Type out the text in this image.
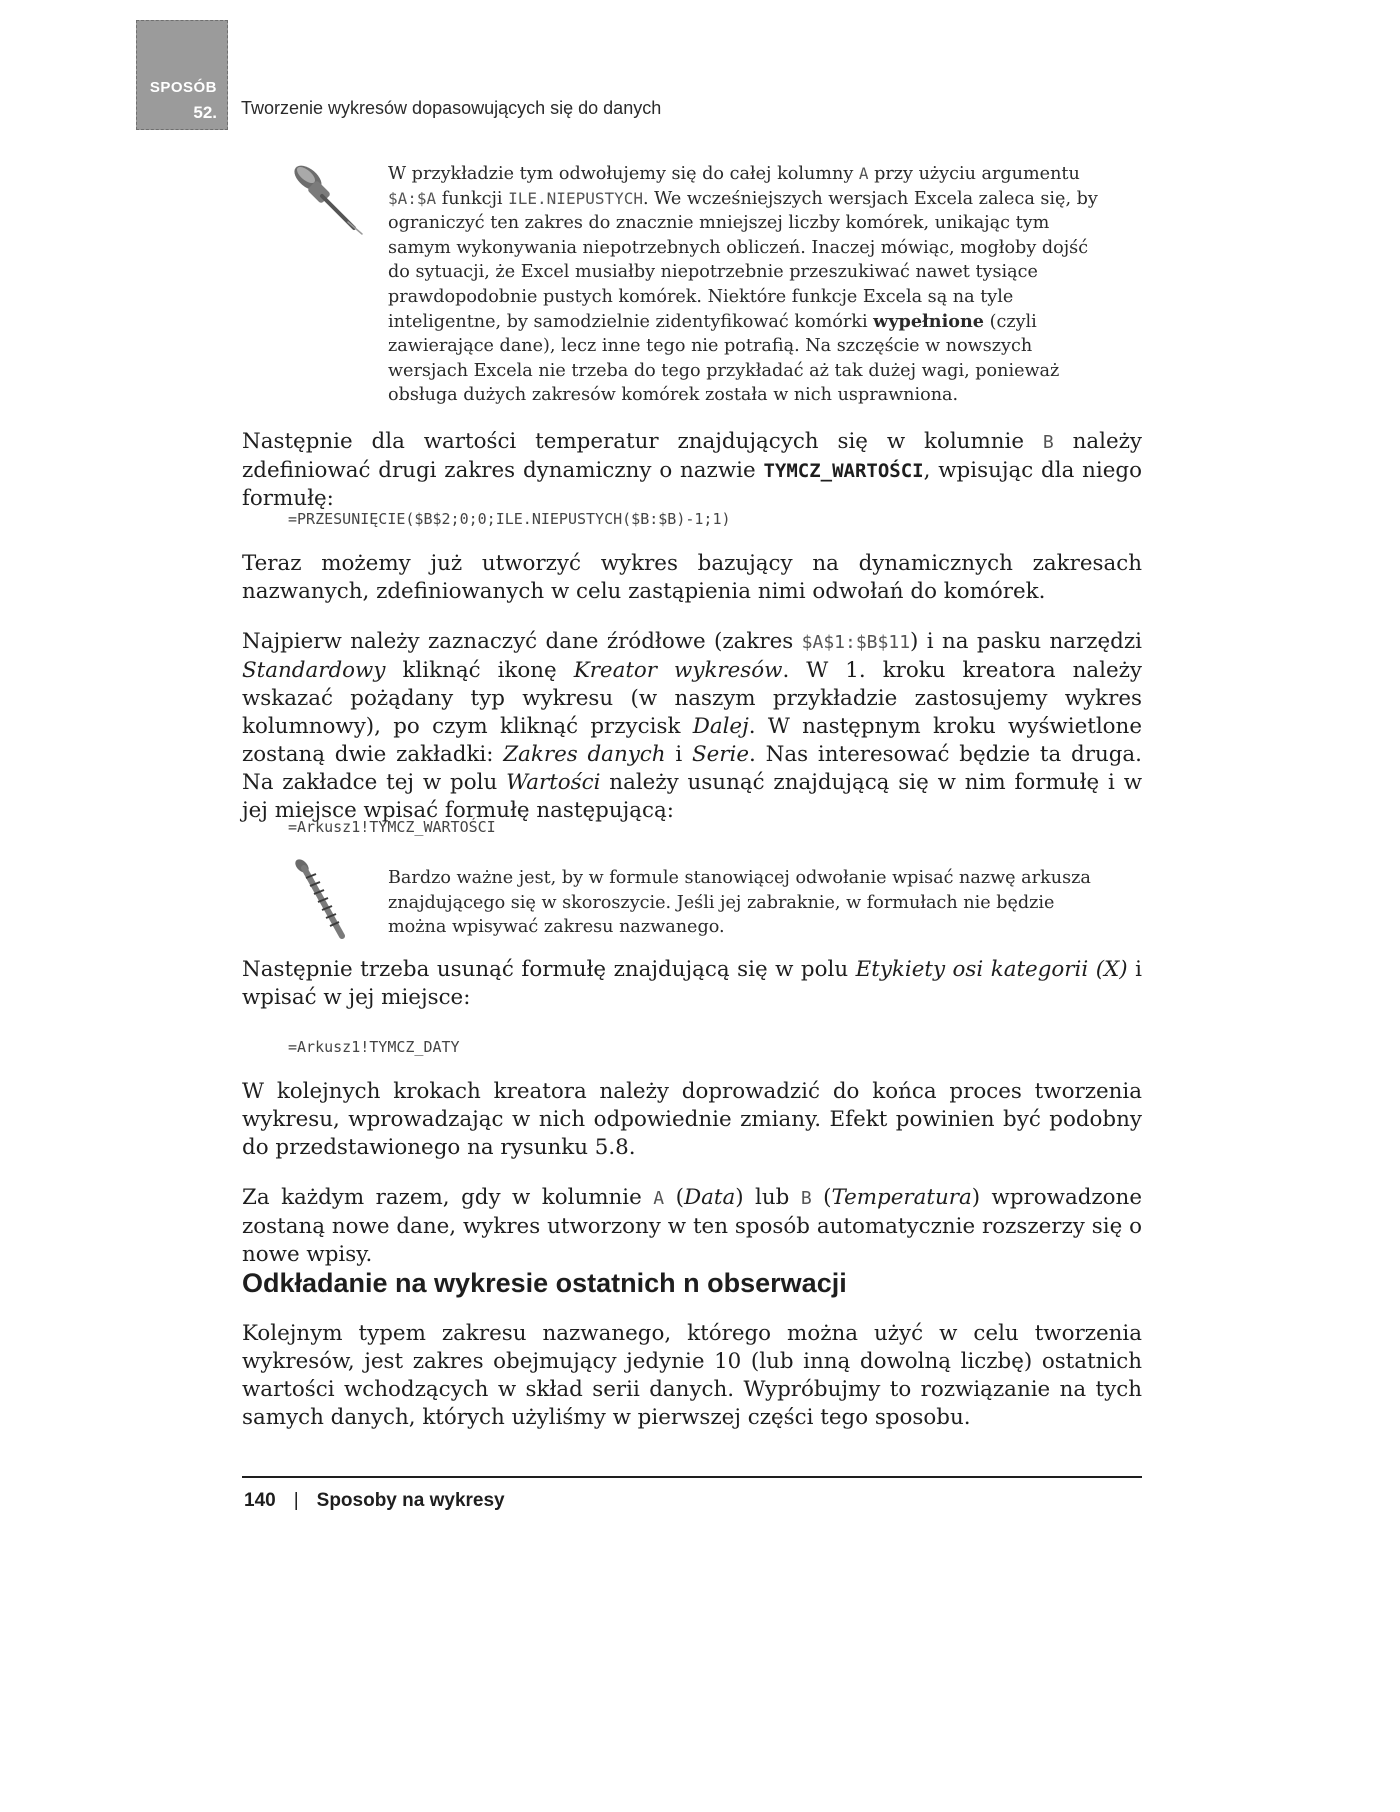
SPOSÓB
52. Tworzenie wykresów dopasowujących się do danych
W przykładzie tym odwołujemy się do całej kolumny A przy użyciu argumentu $A:$A funkcji ILE.NIEPUSTYCH. We wcześniejszych wersjach Excela zaleca się, by ograniczyć ten zakres do znacznie mniejszej liczby komórek, unikając tym samym wykonywania niepotrzebnych obliczeń. Inaczej mówiąc, mogłoby dojść do sytuacji, że Excel musiałby niepotrzebnie przeszukiwać nawet tysiące prawdopodobnie pustych komórek. Niektóre funkcje Excela są na tyle inteligentne, by samodzielnie zidentyfikować komórki wypełnione (czyli zawierające dane), lecz inne tego nie potrafią. Na szczęście w nowszych wersjach Excela nie trzeba do tego przykładać aż tak dużej wagi, ponieważ obsługa dużych zakresów komórek została w nich usprawniona.
Następnie dla wartości temperatur znajdujących się w kolumnie B należy zdefiniować drugi zakres dynamiczny o nazwie TYMCZ_WARTOŚCI, wpisując dla niego formułę:
=PRZESUNIĘCIE($B$2;0;0;ILE.NIEPUSTYCH($B:$B)-1;1)
Teraz możemy już utworzyć wykres bazujący na dynamicznych zakresach nazwanych, zdefiniowanych w celu zastąpienia nimi odwołań do komórek.
Najpierw należy zaznaczyć dane źródłowe (zakres $A$1:$B$11) i na pasku narzędzi Standardowy kliknąć ikonę Kreator wykresów. W 1. kroku kreatora należy wskazać pożądany typ wykresu (w naszym przykładzie zastosujemy wykres kolumnowy), po czym kliknąć przycisk Dalej. W następnym kroku wyświetlone zostaną dwie zakładki: Zakres danych i Serie. Nas interesować będzie ta druga. Na zakładce tej w polu Wartości należy usunąć znajdującą się w nim formułę i w jej miejsce wpisać formułę następującą:
=Arkusz1!TYMCZ_WARTOŚCI
Bardzo ważne jest, by w formule stanowiącej odwołanie wpisać nazwę arkusza znajdującego się w skoroszycie. Jeśli jej zabraknie, w formułach nie będzie można wpisywać zakresu nazwanego.
Następnie trzeba usunąć formułę znajdującą się w polu Etykiety osi kategorii (X) i wpisać w jej miejsce:
=Arkusz1!TYMCZ_DATY
W kolejnych krokach kreatora należy doprowadzić do końca proces tworzenia wykresu, wprowadzając w nich odpowiednie zmiany. Efekt powinien być podobny do przedstawionego na rysunku 5.8.
Za każdym razem, gdy w kolumnie A (Data) lub B (Temperatura) wprowadzone zostaną nowe dane, wykres utworzony w ten sposób automatycznie rozszerzy się o nowe wpisy.
Odkładanie na wykresie ostatnich n obserwacji
Kolejnym typem zakresu nazwanego, którego można użyć w celu tworzenia wykresów, jest zakres obejmujący jedynie 10 (lub inną dowolną liczbę) ostatnich wartości wchodzących w skład serii danych. Wypróbujmy to rozwiązanie na tych samych danych, których użyliśmy w pierwszej części tego sposobu.
140 | Sposoby na wykresy
